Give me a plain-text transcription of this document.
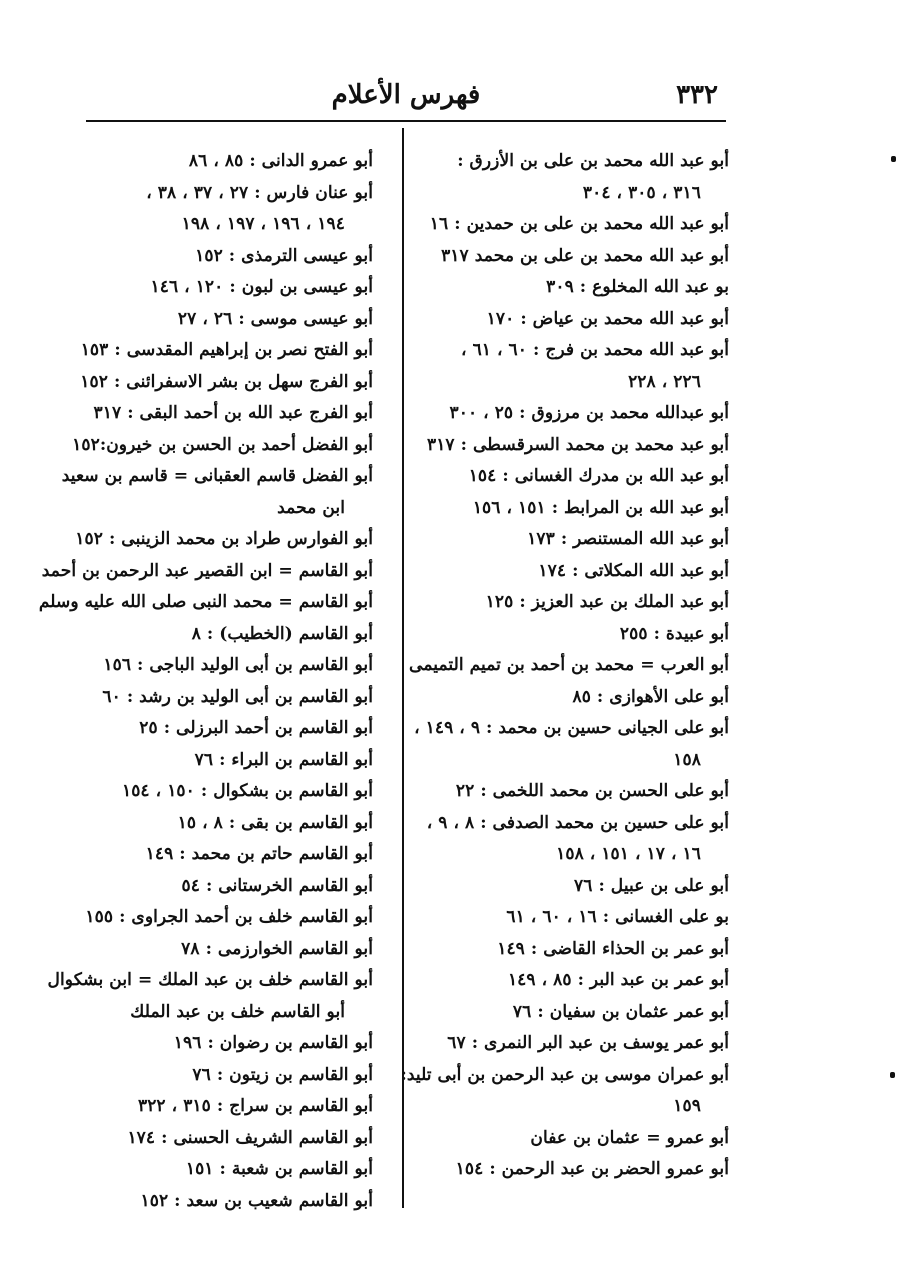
٣٣٢
فهرس الأعلام

أبو عبد الله محمد بن على بن الأزرق :

٣١٦ ، ٣٠٥ ، ٣٠٤

أبو عبد الله محمد بن على بن حمدين : ١٦

أبو عبد الله محمد بن على بن محمد ٣١٧

بو عبد الله المخلوع : ٣٠٩

أبو عبد الله محمد بن عياض : ١٧٠

أبو عبد الله محمد بن فرج : ٦٠ ، ٦١ ،

٢٢٦ ، ٢٢٨

أبو عبدالله محمد بن مرزوق : ٢٥ ، ٣٠٠

أبو عبد محمد بن محمد السرقسطى : ٣١٧

أبو عبد الله بن مدرك الغسانى : ١٥٤

أبو عبد الله بن المرابط : ١٥١ ، ١٥٦

أبو عبد الله المستنصر : ١٧٣

أبو عبد الله المكلاتى : ١٧٤

أبو عبد الملك بن عبد العزيز : ١٢٥

أبو عبيدة : ٢٥٥

أبو العرب = محمد بن أحمد بن تميم التميمى

أبو على الأهوازى : ٨٥

أبو على الجيانى حسين بن محمد : ٩ ، ١٤٩ ،

١٥٨

أبو على الحسن بن محمد اللخمى : ٢٢

أبو على حسين بن محمد الصدفى : ٨ ، ٩ ،

١٦ ، ١٧ ، ١٥١ ، ١٥٨

أبو على بن عبيل : ٧٦

بو على الغسانى : ١٦ ، ٦٠ ، ٦١

أبو عمر بن الحذاء القاضى : ١٤٩

أبو عمر بن عبد البر : ٨٥ ، ١٤٩

أبو عمر عثمان بن سفيان : ٧٦

أبو عمر يوسف بن عبد البر النمرى : ٦٧

أبو عمران موسى بن عبد الرحمن بن أبى تليد:

١٥٩

أبو عمرو = عثمان بن عفان

أبو عمرو الحضر بن عبد الرحمن : ١٥٤

أبو عمرو الدانى : ٨٥ ، ٨٦

أبو عنان فارس : ٢٧ ، ٣٧ ، ٣٨ ،

١٩٤ ، ١٩٦ ، ١٩٧ ، ١٩٨

أبو عيسى الترمذى : ١٥٢

أبو عيسى بن لبون : ١٢٠ ، ١٤٦

أبو عيسى موسى : ٢٦ ، ٢٧

أبو الفتح نصر بن إبراهيم المقدسى : ١٥٣

أبو الفرج سهل بن بشر الاسفرائنى : ١٥٢

أبو الفرج عبد الله بن أحمد البقى : ٣١٧

أبو الفضل أحمد بن الحسن بن خيرون:١٥٢

أبو الفضل قاسم العقبانى = قاسم بن سعيد

ابن محمد

أبو الفوارس طراد بن محمد الزينبى : ١٥٢

أبو القاسم = ابن القصير عبد الرحمن بن أحمد

أبو القاسم = محمد النبى صلى الله عليه وسلم

أبو القاسم (الخطيب) : ٨

أبو القاسم بن أبى الوليد الباجى : ١٥٦

أبو القاسم بن أبى الوليد بن رشد : ٦٠

أبو القاسم بن أحمد البرزلى : ٢٥

أبو القاسم بن البراء : ٧٦

أبو القاسم بن بشكوال : ١٥٠ ، ١٥٤

أبو القاسم بن بقى : ٨ ، ١٥

أبو القاسم حاتم بن محمد : ١٤٩

أبو القاسم الخرستانى : ٥٤

أبو القاسم خلف بن أحمد الجراوى : ١٥٥

أبو القاسم الخوارزمى : ٧٨

أبو القاسم خلف بن عبد الملك = ابن بشكوال

أبو القاسم خلف بن عبد الملك

أبو القاسم بن رضوان : ١٩٦

أبو القاسم بن زيتون : ٧٦

أبو القاسم بن سراج : ٣١٥ ، ٣٢٢

أبو القاسم الشريف الحسنى : ١٧٤

أبو القاسم بن شعبة : ١٥١

أبو القاسم شعيب بن سعد : ١٥٢
